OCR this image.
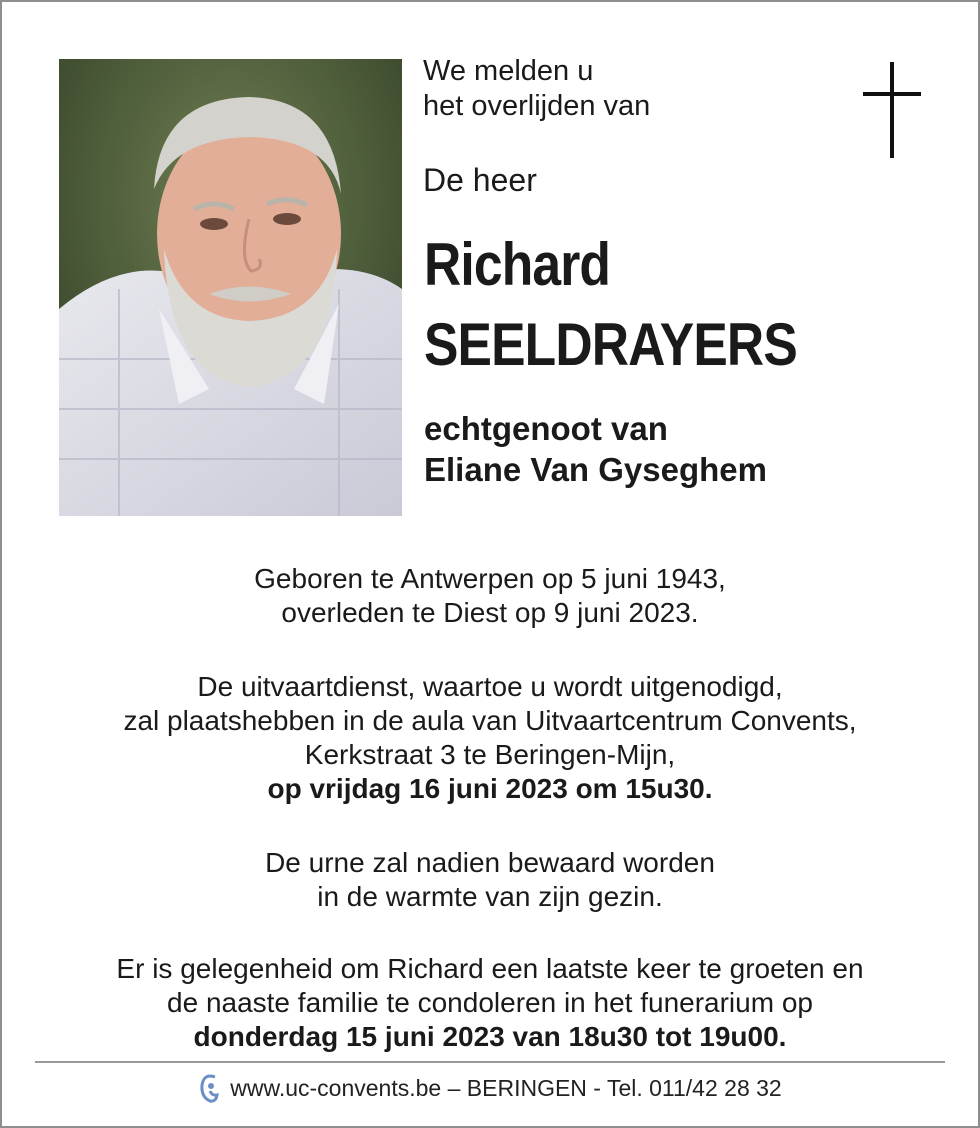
We melden u
het overlijden van
De heer
Richard
SEELDRAYERS
echtgenoot van
Eliane Van Gyseghem
Geboren te Antwerpen op 5 juni 1943,
overleden te Diest op 9 juni 2023.
De uitvaartdienst, waartoe u wordt uitgenodigd,
zal plaatshebben in de aula van Uitvaartcentrum Convents,
Kerkstraat 3 te Beringen-Mijn,
op vrijdag 16 juni 2023 om 15u30.
De urne zal nadien bewaard worden
in de warmte van zijn gezin.
Er is gelegenheid om Richard een laatste keer te groeten en
de naaste familie te condoleren in het funerarium op
donderdag 15 juni 2023 van 18u30 tot 19u00.
www.uc-convents.be – BERINGEN - Tel. 011/42 28 32
